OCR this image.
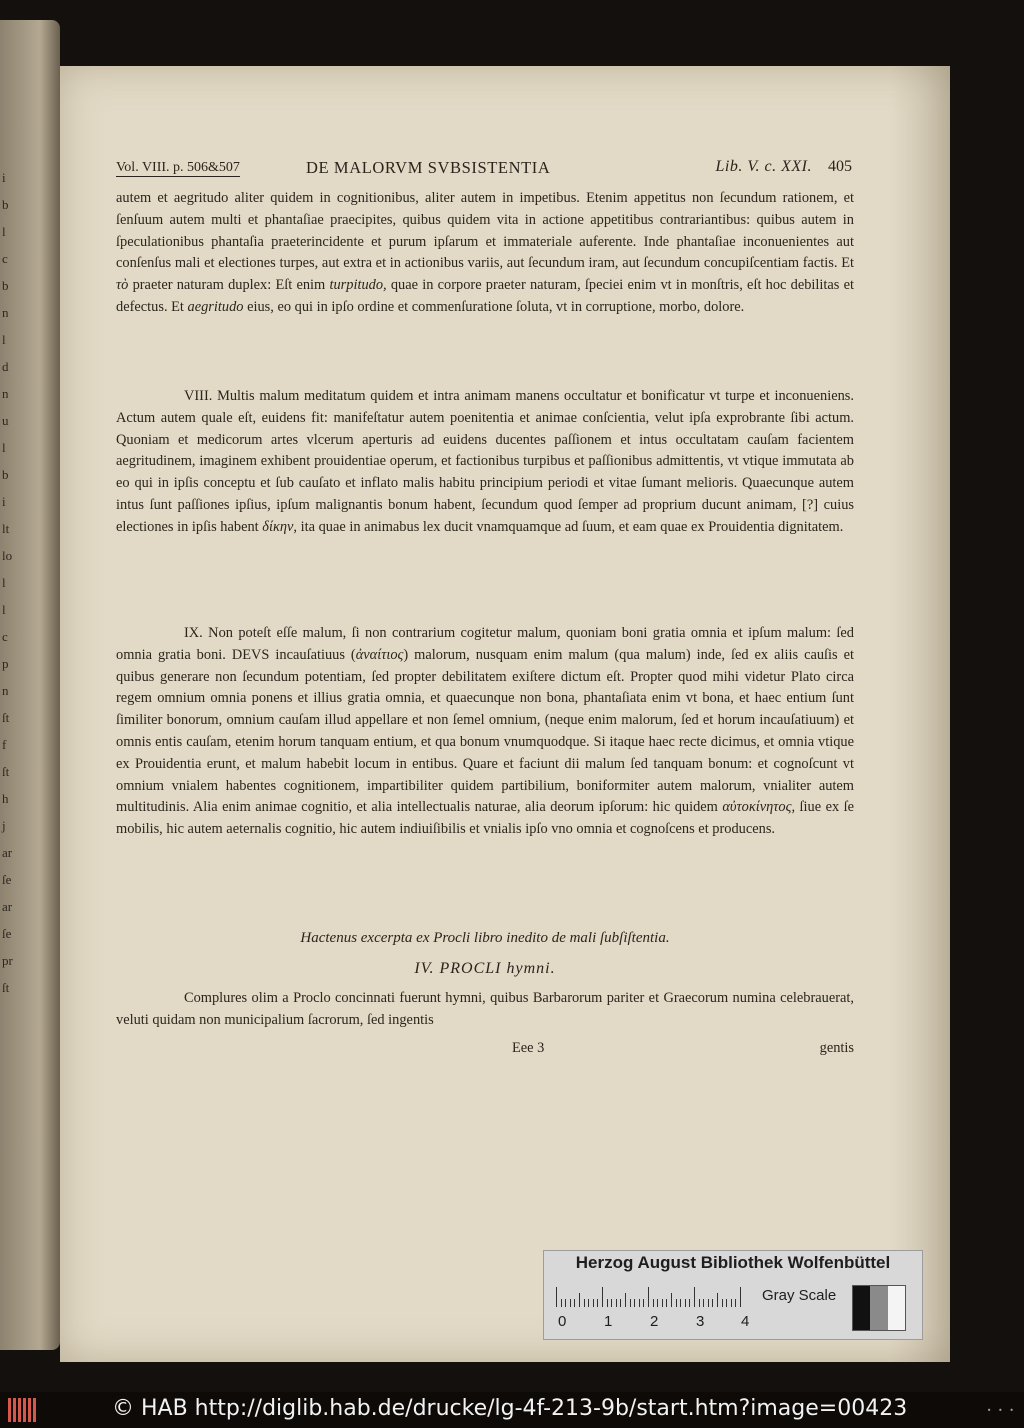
i
b
l
c
b
n
l
d
n
u
l
b
i
lt
lo
l
l
c
p
n
ſt
f
ſt
h
j
ar
ſe
ar
ſe
pr
ſt
Vol. VIII. p. 506&507	DE MALORVM SVBSISTENTIA	Lib. V. c. XXI. 405

autem et aegritudo aliter quidem in cognitionibus, aliter autem in impetibus. Etenim appetitus non ſecundum rationem, et ſenſuum autem multi et phantaſiae praecipites, quibus quidem vita in actione appetitibus contrariantibus: quibus autem in ſpeculationibus phantaſia praeterincidente et purum ipſarum et immateriale auferente. Inde phantaſiae inconuenientes aut conſenſus mali et electiones turpes, aut extra et in actionibus variis, aut ſecundum iram, aut ſecundum concupiſcentiam factis. Et τὸ praeter naturam duplex: Eſt enim turpitudo, quae in corpore praeter naturam, ſpeciei enim vt in monſtris, eſt hoc debilitas et defectus. Et aegritudo eius, eo qui in ipſo ordine et commenſuratione ſoluta, vt in corruptione, morbo, dolore.

VIII. Multis malum meditatum quidem et intra animam manens occultatur et bonificatur vt turpe et inconueniens. Actum autem quale eſt, euidens fit: manifeſtatur autem poenitentia et animae conſcientia, velut ipſa exprobrante ſibi actum. Quoniam et medicorum artes vlcerum aperturis ad euidens ducentes paſſionem et intus occultatam cauſam facientem aegritudinem, imaginem exhibent prouidentiae operum, et factionibus turpibus et paſſionibus admittentis, vt vtique immutata ab eo qui in ipſis conceptu et ſub cauſato et inflato malis habitu principium periodi et vitae ſumant melioris. Quaecunque autem intus ſunt paſſiones ipſius, ipſum malignantis bonum habent, ſecundum quod ſemper ad proprium ducunt animam, [?] cuius electiones in ipſis habent δίκην, ita quae in animabus lex ducit vnamquamque ad ſuum, et eam quae ex Prouidentia dignitatem.

IX. Non poteſt eſſe malum, ſi non contrarium cogitetur malum, quoniam boni gratia omnia et ipſum malum: ſed omnia gratia boni. DEVS incauſatiuus (ἀναίτιος) malorum, nusquam enim malum (qua malum) inde, ſed ex aliis cauſis et quibus generare non ſecundum potentiam, ſed propter debilitatem exiſtere dictum eſt. Propter quod mihi videtur Plato circa regem omnium omnia ponens et illius gratia omnia, et quaecunque non bona, phantaſiata enim vt bona, et haec entium ſunt ſimiliter bonorum, omnium cauſam illud appellare et non ſemel omnium, (neque enim malorum, ſed et horum incauſatiuum) et omnis entis cauſam, etenim horum tanquam entium, et qua bonum vnumquodque. Si itaque haec recte dicimus, et omnia vtique ex Prouidentia erunt, et malum habebit locum in entibus. Quare et faciunt dii malum ſed tanquam bonum: et cognoſcunt vt omnium vnialem habentes cognitionem, impartibiliter quidem partibilium, boniformiter autem malorum, vnialiter autem multitudinis. Alia enim animae cognitio, et alia intellectualis naturae, alia deorum ipſorum: hic quidem αὐτοκίνητος, ſiue ex ſe mobilis, hic autem aeternalis cognitio, hic autem indiuiſibilis et vnialis ipſo vno omnia et cognoſcens et producens.

Hactenus excerpta ex Procli libro inedito de mali ſubſiſtentia.
IV. PROCLI hymni.

Complures olim a Proclo concinnati fuerunt hymni, quibus Barbarorum pariter et Graecorum numina celebrauerat, veluti quidam non municipalium ſacrorum, ſed ingentis

Eee 3	gentis
Herzog August Bibliothek Wolfenbüttel
0	1	2	3 4
Gray Scale
© HAB http://diglib.hab.de/drucke/lg-4f-213-9b/start.htm?image=00423	• • •
